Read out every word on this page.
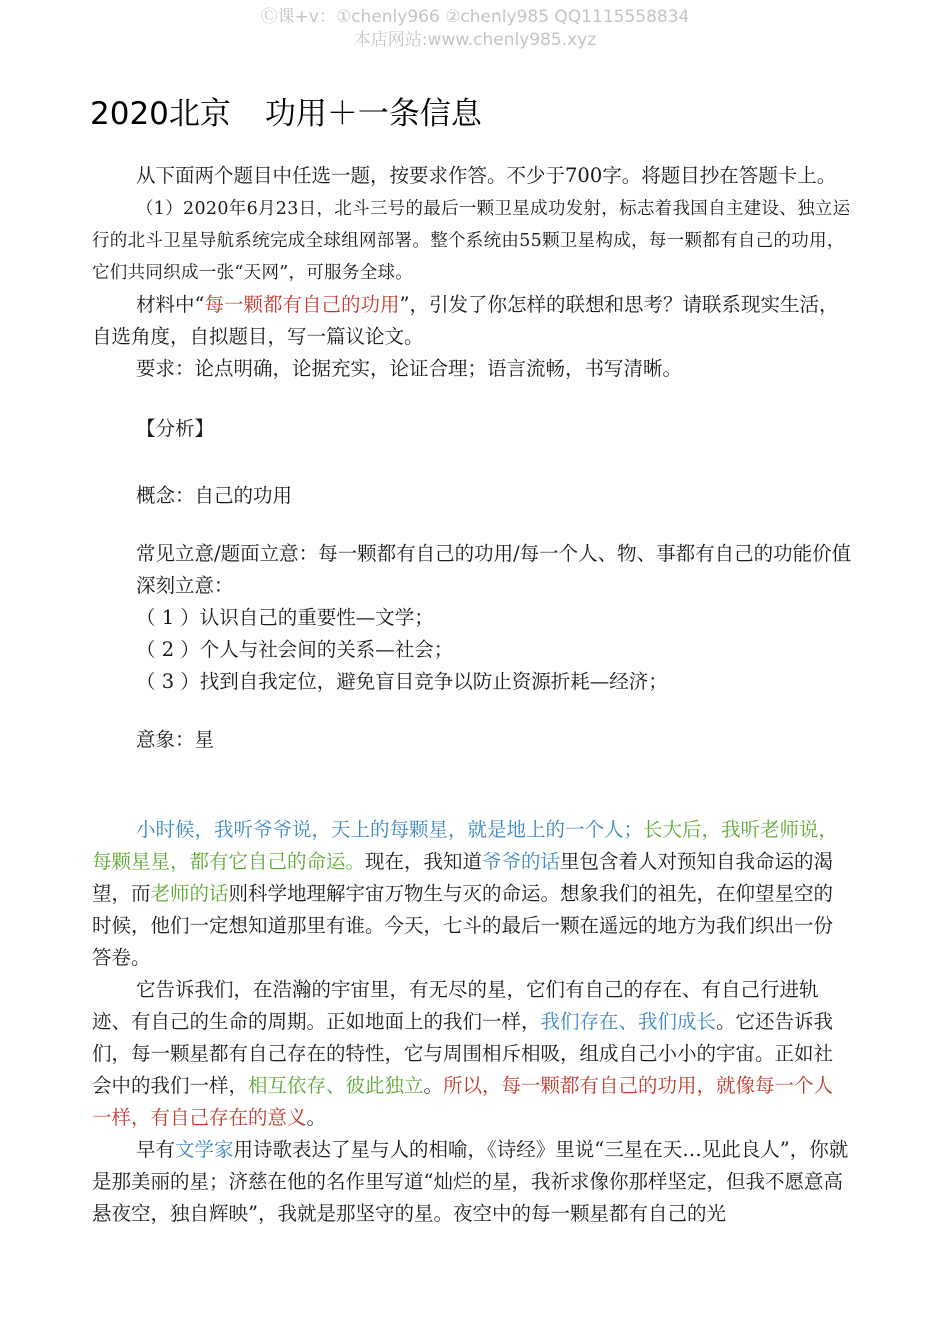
Ⓒ课+v：①chenly966 ②chenly985 QQ1115558834
本店网站:www.chenly985.xyz
2020北京 功用＋一条信息

从下面两个题目中任选一题，按要求作答。不少于700字。将题目抄在答题卡上。

（1）2020年6月23日，北斗三号的最后一颗卫星成功发射，标志着我国自主建设、独立运行的北斗卫星导航系统完成全球组网部署。整个系统由55颗卫星构成，每一颗都有自己的功用，它们共同织成一张“天网”，可服务全球。

材料中“每一颗都有自己的功用”，引发了你怎样的联想和思考？请联系现实生活，自选角度，自拟题目，写一篇议论文。

要求：论点明确，论据充实，论证合理；语言流畅，书写清晰。

【分析】

概念：自己的功用

常见立意/题面立意：每一颗都有自己的功用/每一个人、物、事都有自己的功能价值

深刻立意：

（ 1 ）认识自己的重要性—文学；

（ 2 ）个人与社会间的关系—社会；

（ 3 ）找到自我定位，避免盲目竞争以防止资源折耗—经济；

意象：星

小时候，我听爷爷说，天上的每颗星，就是地上的一个人；长大后，我听老师说，每颗星星，都有它自己的命运。现在，我知道爷爷的话里包含着人对预知自我命运的渴望，而老师的话则科学地理解宇宙万物生与灭的命运。想象我们的祖先，在仰望星空的时候，他们一定想知道那里有谁。今天，七斗的最后一颗在遥远的地方为我们织出一份答卷。

它告诉我们，在浩瀚的宇宙里，有无尽的星，它们有自己的存在、有自己行进轨迹、有自己的生命的周期。正如地面上的我们一样，我们存在、我们成长。它还告诉我们，每一颗星都有自己存在的特性，它与周围相斥相吸，组成自己小小的宇宙。正如社会中的我们一样，相互依存、彼此独立。所以，每一颗都有自己的功用，就像每一个人一样，有自己存在的意义。

早有文学家用诗歌表达了星与人的相喻，《诗经》里说“三星在天…见此良人”，你就是那美丽的星；济慈在他的名作里写道“灿烂的星，我祈求像你那样坚定，但我不愿意高悬夜空，独自辉映”，我就是那坚守的星。夜空中的每一颗星都有自己的光
